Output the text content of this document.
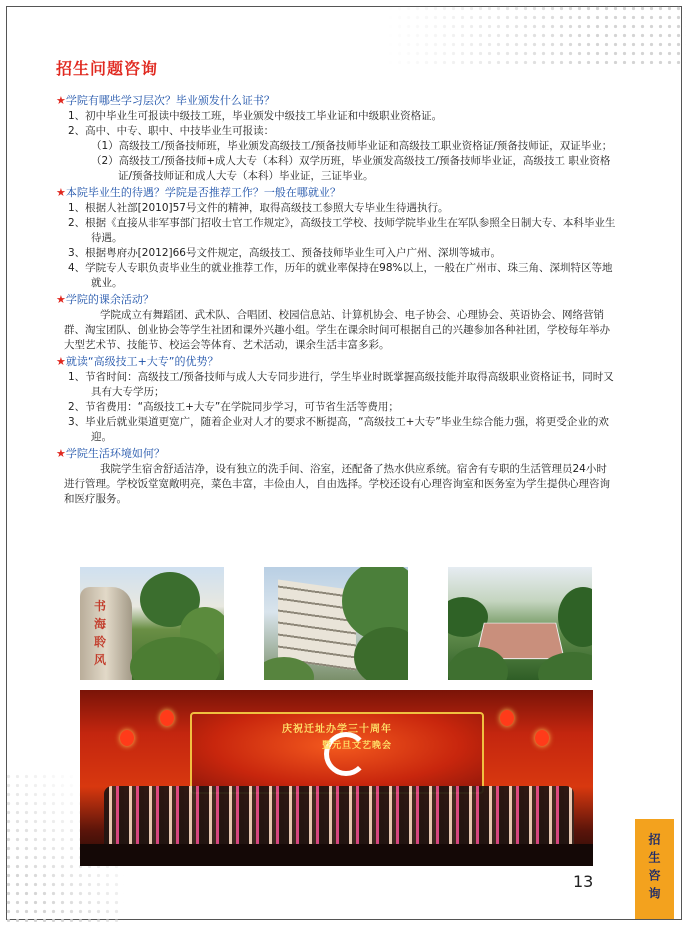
招生问题咨询
★学院有哪些学习层次？毕业颁发什么证书？
1、初中毕业生可报读中级技工班，毕业颁发中级技工毕业证和中级职业资格证。
2、高中、中专、职中、中技毕业生可报读：
（1）高级技工/预备技师班，毕业颁发高级技工/预备技师毕业证和高级技工职业资格证/预备技师证，双证毕业；
（2）高级技工/预备技师+成人大专（本科）双学历班，毕业颁发高级技工/预备技师毕业证，高级技工 职业资格证/预备技师证和成人大专（本科）毕业证，三证毕业。
★本院毕业生的待遇？学院是否推荐工作？一般在哪就业？
1、根据人社部[2010]57号文件的精神，取得高级技工参照大专毕业生待遇执行。
2、根据《直接从非军事部门招收士官工作规定》，高级技工学校、技师学院毕业生在军队参照全日制大专、本科毕业生待遇。
3、根据粤府办[2012]66号文件规定，高级技工、预备技师毕业生可入户广州、深圳等城市。
4、学院专人专职负责毕业生的就业推荐工作，历年的就业率保持在98%以上，一般在广州市、珠三角、深圳特区等地就业。
★学院的课余活动？
学院成立有舞蹈团、武术队、合唱团、校园信息站、计算机协会、电子协会、心理协会、英语协会、网络营销群、淘宝团队、创业协会等学生社团和课外兴趣小组。学生在课余时间可根据自己的兴趣参加各种社团，学校每年举办大型艺术节、技能节、校运会等体育、艺术活动，课余生活丰富多彩。
★就读“高级技工+大专”的优势？
1、节省时间：高级技工/预备技师与成人大专同步进行，学生毕业时既掌握高级技能并取得高级职业资格证书，同时又具有大专学历；
2、节省费用：“高级技工+大专”在学院同步学习，可节省生活等费用；
3、毕业后就业渠道更宽广，随着企业对人才的要求不断提高，“高级技工+大专”毕业生综合能力强，将更受企业的欢迎。
★学院生活环境如何？
我院学生宿舍舒适洁净，设有独立的洗手间、浴室，还配备了热水供应系统。宿舍有专职的生活管理员24小时进行管理。学校饭堂宽敞明亮，菜色丰富，丰俭由人，自由选择。学校还设有心理咨询室和医务室为学生提供心理咨询和医疗服务。
书
海
聆
风
庆祝迁址办学三十周年
暨元旦文艺晚会
13	招生咨询
